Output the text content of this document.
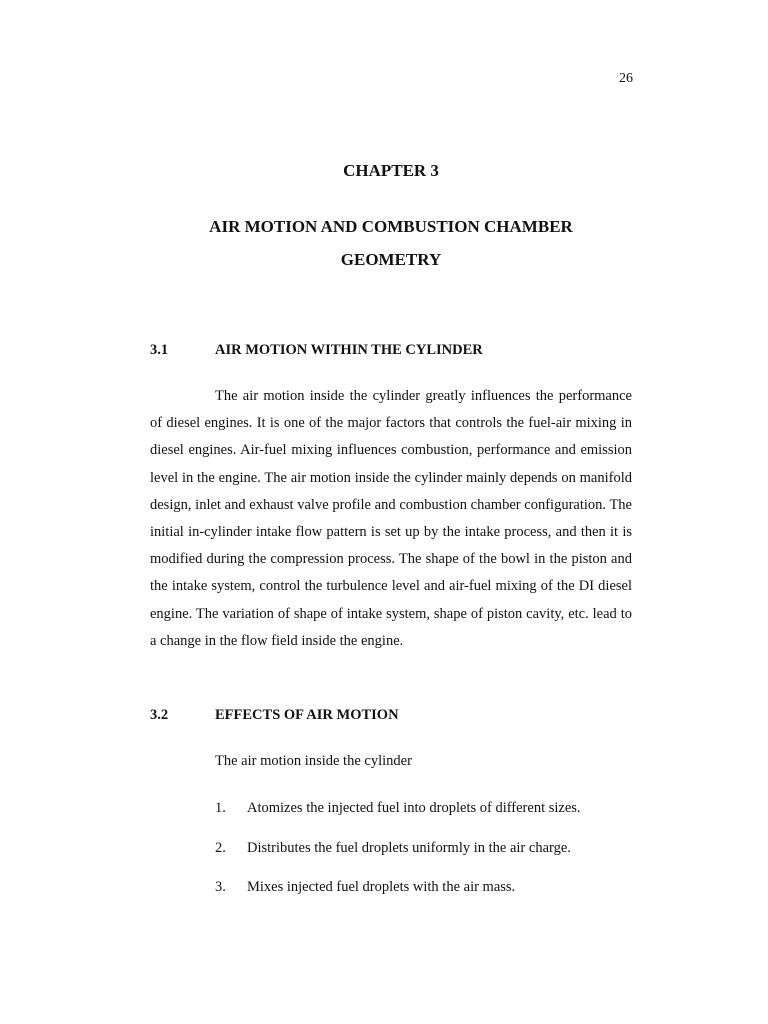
26
CHAPTER 3
AIR MOTION AND COMBUSTION CHAMBER
GEOMETRY
3.1	AIR MOTION WITHIN THE CYLINDER
The air motion inside the cylinder greatly influences the performance of diesel engines. It is one of the major factors that controls the fuel-air mixing in diesel engines. Air-fuel mixing influences combustion, performance and emission level in the engine. The air motion inside the cylinder mainly depends on manifold design, inlet and exhaust valve profile and combustion chamber configuration. The initial in-cylinder intake flow pattern is set up by the intake process, and then it is modified during the compression process. The shape of the bowl in the piston and the intake system, control the turbulence level and air-fuel mixing of the DI diesel engine. The variation of shape of intake system, shape of piston cavity, etc. lead to a change in the flow field inside the engine.
3.2	EFFECTS OF AIR MOTION
The air motion inside the cylinder
1. Atomizes the injected fuel into droplets of different sizes.
2. Distributes the fuel droplets uniformly in the air charge.
3. Mixes injected fuel droplets with the air mass.
